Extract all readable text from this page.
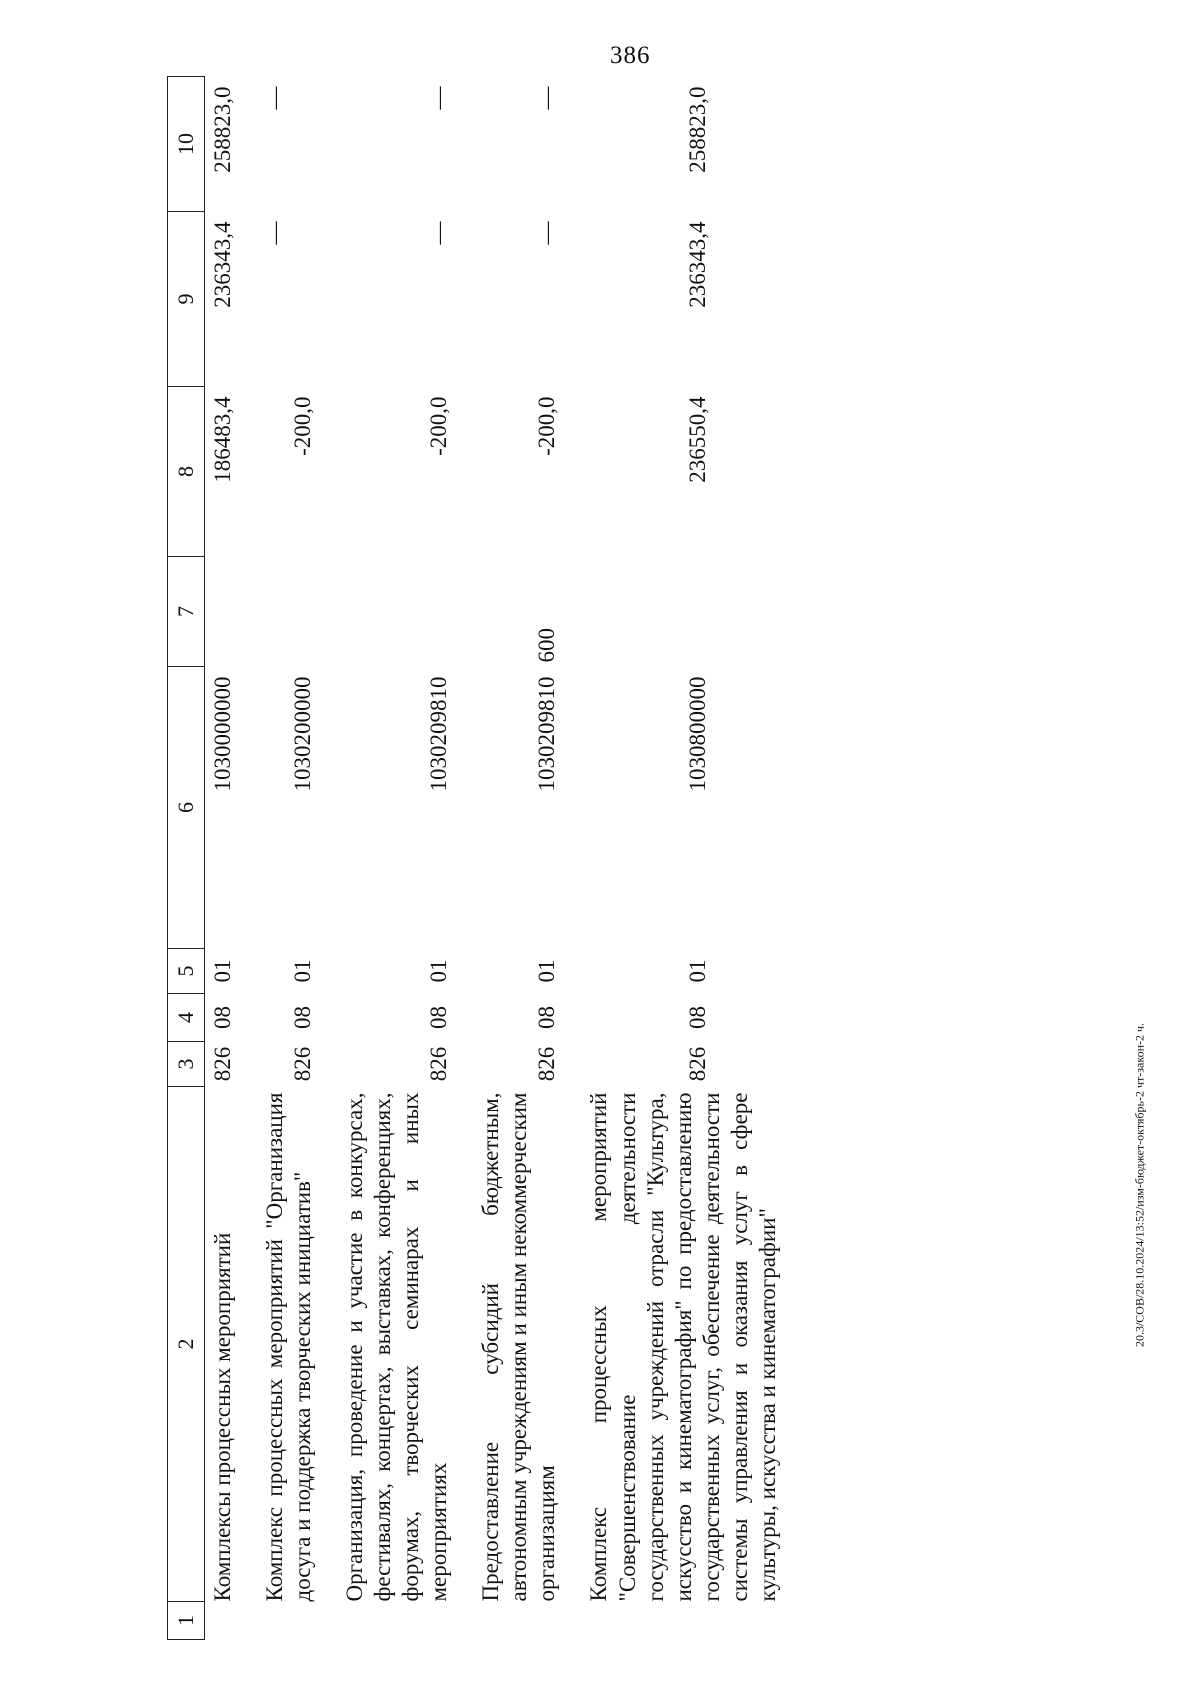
386
1	2	3	4	5	6	7	8	9	10
	Комплексы процессных мероприятий	826	08	01	1030000000		186483,4	236343,4	258823,0

	Комплекс процессных мероприятий "Организация досуга и поддержка творческих инициатив"	826	08	01	1030200000		-200,0	—	—

	Организация, проведение и участие в конкурсах, фестивалях, концертах, выставках, конференциях, форумах, творческих семинарах и иных мероприятиях	826	08	01	1030209810		-200,0	—	—

	Предоставление субсидий бюджетным, автономным учреждениям и иным некоммерческим организациям	826	08	01	1030209810	600	-200,0	—	—

	Комплекс процессных мероприятий "Совершенствование деятельности государственных учреждений отрасли "Культура, искусство и кинематография" по предоставлению государственных услуг, обеспечение деятельности системы управления и оказания услуг в сфере культуры, искусства и кинематографии"	826	08	01	1030800000		236550,4	236343,4	258823,0
20.3/СОВ/28.10.2024/13:52/изм-бюджет-октябрь-2 чт-закон-2 ч.
